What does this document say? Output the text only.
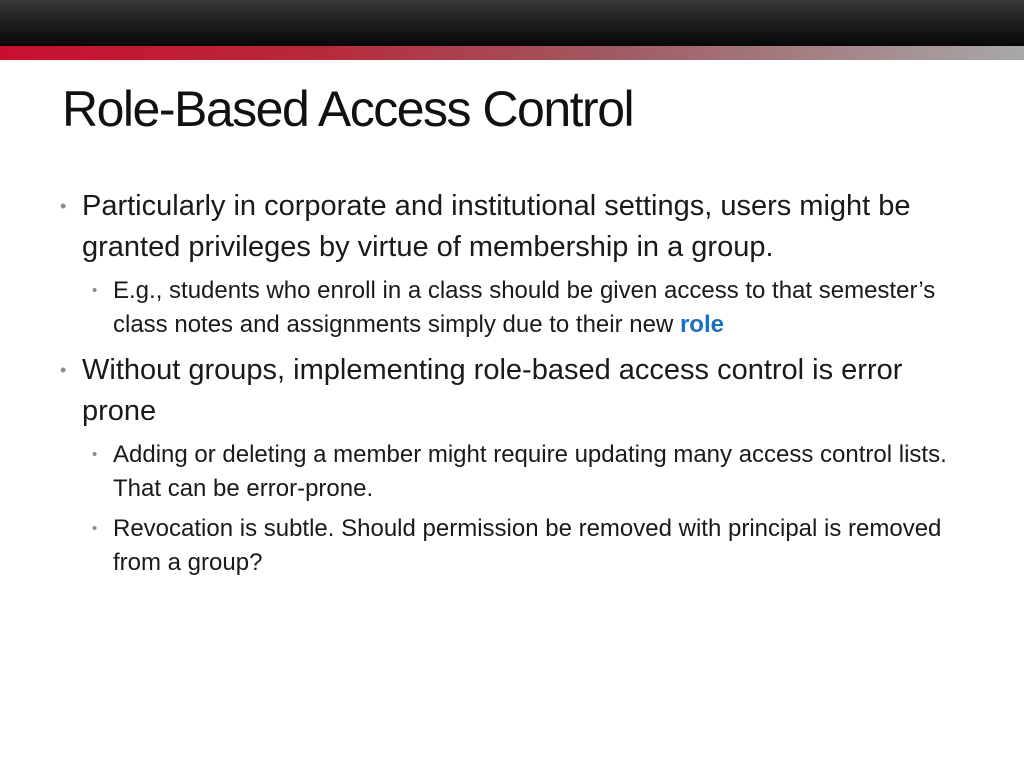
Role-Based Access Control
• Particularly in corporate and institutional settings, users might be granted privileges by virtue of membership in a group.
• E.g., students who enroll in a class should be given access to that semester’s class notes and assignments simply due to their new role
• Without groups, implementing role-based access control is error prone
• Adding or deleting a member might require updating many access control lists. That can be error-prone.
• Revocation is subtle. Should permission be removed with principal is removed from a group?
